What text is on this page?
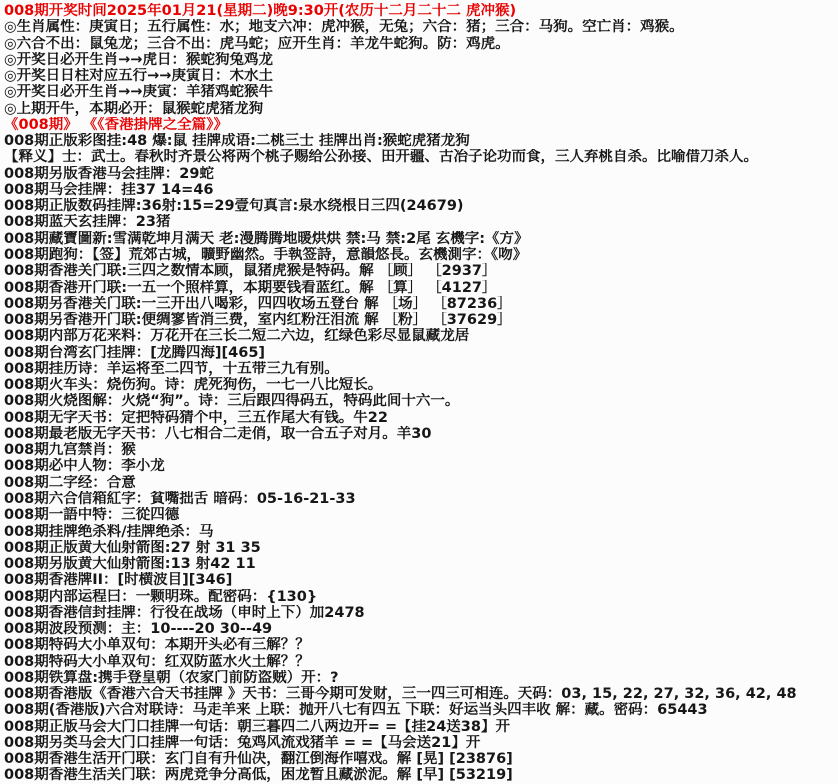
008期开奖时间2025年01月21(星期二)晚9:30开(农历十二月二十二 虎冲猴)
◎生肖属性：庚寅日；五行属性：水；地支六冲：虎冲猴，无兔；六合：猪；三合：马狗。空亡肖：鸡猴。
◎六合不出：鼠兔龙；三合不出：虎马蛇；应开生肖：羊龙牛蛇狗。防：鸡虎。
◎开奖日必开生肖→→虎日：猴蛇狗兔鸡龙
◎开奖日日柱对应五行→→庚寅日：木水土
◎开奖日必开生肖→→庚寅：羊猪鸡蛇猴牛
◎上期开牛，本期必开：鼠猴蛇虎猪龙狗
《008期》 《《香港掛牌之全篇》》
008期正版彩图挂:48 爆:鼠 挂牌成语:二桃三士 挂牌出肖:猴蛇虎猪龙狗
【释义】士：武士。春秋时齐景公将两个桃子赐给公孙接、田开疆、古冶子论功而食，三人弃桃自杀。比喻借刀杀人。
008期另版香港马会挂牌：29蛇
008期马会挂牌：挂37 14=46
008期正版数码挂牌:36射:15=29壹句真言:泉水绕根日三四(24679)
008期蓝天玄挂牌：23猪
008期藏寶圖新:雪满乾坤月满天 老:漫腾腾地暖烘烘 禁:马 禁:2尾 玄機字:《方》
008期跑狗：【签】荒郊古城，曠野幽然。手執签詩，意韻悠長。玄機測字：《吻》
008期香港关门联:三四之数情本顾，鼠猪虎猴是特码。解 ［顾］ ［2937］
008期香港开门联:一五一个照样算，本期要钱看蓝红。解 ［算］ ［4127］
008期另香港关门联:一三开出八喝彩，四四收场五登台 解 ［场］ ［87236］
008期另香港开门联:便绸寥皆消三费，室内红粉汪泪流 解 ［粉］ ［37629］
008期内部万花来料：万花开在三长二短二六边，红绿色彩尽显鼠藏龙居
008期台湾玄门挂牌：[龙腾四海][465]
008期挂历诗：羊运将至二四节，十五带三九有别。
008期火车头：烧伤狗。诗：虎死狗伤，一七一八比短长。
008期火烧图解：火烧“狗”。诗：三后跟四得码五，特码此间十六一。
008期无字天书：定把特码猜个中，三五作尾大有钱。牛22
008期最老版无字天书：八七相合二走俏，取一合五子对月。羊30
008期九宫禁肖：猴
008期必中人物：李小龙
008期二字经：合意
008期六合信箱紅字：貧嘴拙舌 暗码：05-16-21-33
008期一語中特：三從四德
008期挂牌绝杀料/挂牌绝杀：马
008期正版黄大仙射箭图:27 射 31 35
008期另版黄大仙射箭图:13 射42 11
008期香港牌II：[时横波目][346]
008期内部运程曰：一颗明珠。配密码：{130}
008期香港信封挂牌：行役在战场（申时上下）加2478
008期波段预测：主：10----20 30--49
008期特码大小单双句：本期开头必有三解？？
008期特码大小单双句：红双防蓝水火土解？？
008期铁算盘:携手登皇朝（农家门前防盗贼）开：?
008期香港版《香港六合天书挂牌 》天书：三哥今期可发财，三一四三可相连。天码：03, 15, 22, 27, 32, 36, 42, 48
008期(香港版)六合对联诗：马走羊来 上联：抛开八七有四五 下联：好运当头四丰收 解：藏。密码：65443
008期正版马会大门口挂牌一句话：朝三暮四二八两边开= =【挂24送38】开
008期另类马会大门口挂牌一句话：兔鸡风流戏猪羊 = =【马会送21】开
008期香港生活开门联：玄门自有升仙决，翻江倒海作嘻戏。解 [晃] [23876]
008期香港生活关门联：两虎竞争分高低，困龙暂且藏淤泥。解 [早] [53219]
